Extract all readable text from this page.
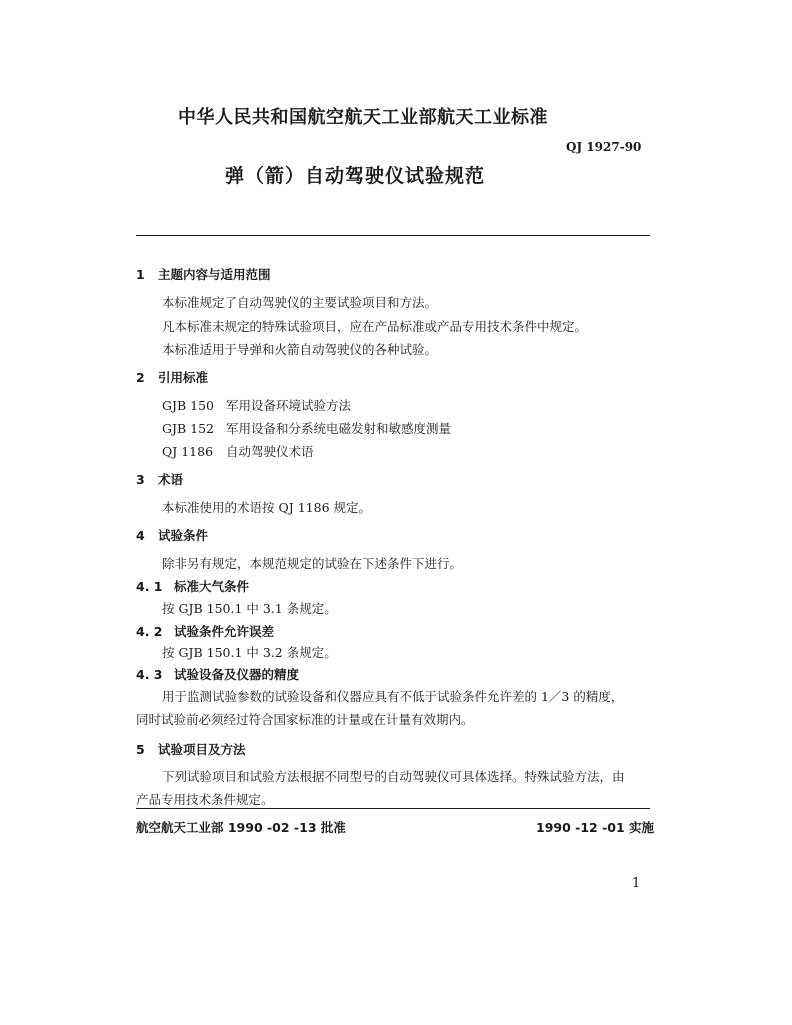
中华人民共和国航空航天工业部航天工业标准
QJ 1927-90
弹（箭）自动驾驶仪试验规范
1 主题内容与适用范围
本标准规定了自动驾驶仪的主要试验项目和方法。
凡本标准未规定的特殊试验项目，应在产品标准或产品专用技术条件中规定。
本标准适用于导弹和火箭自动驾驶仪的各种试验。
2 引用标准
GJB 150 军用设备环境试验方法
GJB 152 军用设备和分系统电磁发射和敏感度测量
QJ 1186 自动驾驶仪术语
3 术语
本标准使用的术语按 QJ 1186 规定。
4 试验条件
除非另有规定，本规范规定的试验在下述条件下进行。
4. 1 标准大气条件
按 GJB 150.1 中 3.1 条规定。
4. 2 试验条件允许误差
按 GJB 150.1 中 3.2 条规定。
4. 3 试验设备及仪器的精度
用于监测试验参数的试验设备和仪器应具有不低于试验条件允许差的 1／3 的精度，
同时试验前必须经过符合国家标准的计量或在计量有效期内。
5 试验项目及方法
下列试验项目和试验方法根据不同型号的自动驾驶仪可具体选择。特殊试验方法，由
产品专用技术条件规定。
航空航天工业部 1990 -02 -13 批准	1990 -12 -01 实施
1
